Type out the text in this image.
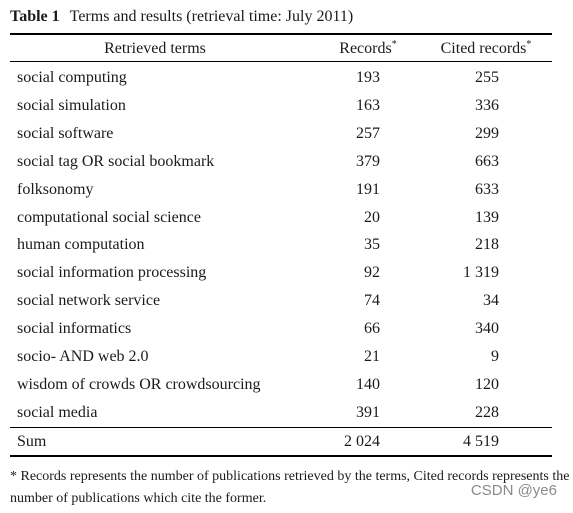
Table 1 Terms and results (retrieval time: July 2011)
Retrieved terms	Records*	Cited records*
social computing	193	255
social simulation	163	336
social software	257	299
social tag OR social bookmark	379	663
folksonomy	191	633
computational social science	20	139
human computation	35	218
social information processing	92	1 319
social network service	74	34
social informatics	66	340
socio- AND web 2.0	21	9
wisdom of crowds OR crowdsourcing	140	120
social media	391	228
Sum	2 024	4 519
* Records represents the number of publications retrieved by the terms, Cited records represents the number of publications which cite the former.	CSDN @ye6
